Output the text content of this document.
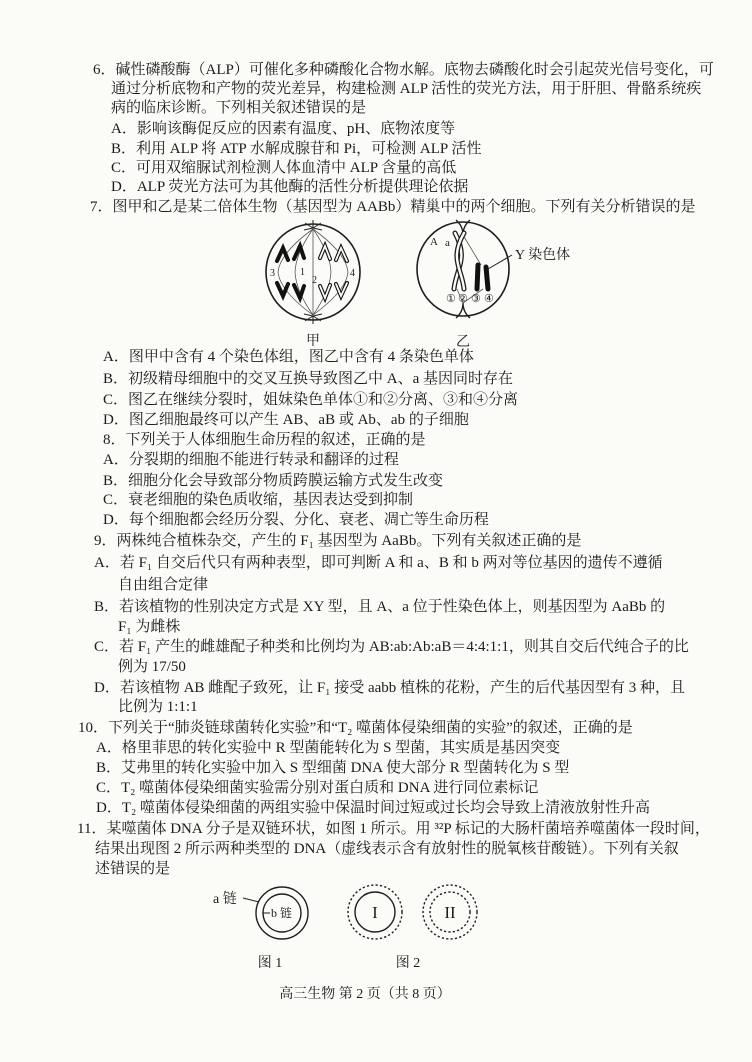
6．碱性磷酸酶（ALP）可催化多种磷酸化合物水解。底物去磷酸化时会引起荧光信号变化，可
通过分析底物和产物的荧光差异，构建检测 ALP 活性的荧光方法，用于肝胆、骨骼系统疾
病的临床诊断。下列相关叙述错误的是
A．影响该酶促反应的因素有温度、pH、底物浓度等
B．利用 ALP 将 ATP 水解成腺苷和 Pi，可检测 ALP 活性
C．可用双缩脲试剂检测人体血清中 ALP 含量的高低
D．ALP 荧光方法可为其他酶的活性分析提供理论依据
7．图甲和乙是某二倍体生物（基因型为 AABb）精巢中的两个细胞。下列有关分析错误的是
3	1
2
4
甲
A a
① ② ③ ④
Y 染色体
乙
A．图甲中含有 4 个染色体组，图乙中含有 4 条染色单体
B．初级精母细胞中的交叉互换导致图乙中 A、a 基因同时存在
C．图乙在继续分裂时，姐妹染色单体①和②分离、③和④分离
D．图乙细胞最终可以产生 AB、aB 或 Ab、ab 的子细胞
8．下列关于人体细胞生命历程的叙述，正确的是
A．分裂期的细胞不能进行转录和翻译的过程
B．细胞分化会导致部分物质跨膜运输方式发生改变
C．衰老细胞的染色质收缩，基因表达受到抑制
D．每个细胞都会经历分裂、分化、衰老、凋亡等生命历程
9．两株纯合植株杂交，产生的 F₁ 基因型为 AaBb。下列有关叙述正确的是
A．若 F₁ 自交后代只有两种表型，即可判断 A 和 a、B 和 b 两对等位基因的遗传不遵循
自由组合定律
B．若该植物的性别决定方式是 XY 型，且 A、a 位于性染色体上，则基因型为 AaBb 的
F₁ 为雌株
C．若 F₁ 产生的雌雄配子种类和比例均为 AB:ab:Ab:aB＝4:4:1:1，则其自交后代纯合子的比
例为 17/50
D．若该植物 AB 雌配子致死，让 F₁ 接受 aabb 植株的花粉，产生的后代基因型有 3 种，且
比例为 1:1:1
10．下列关于“肺炎链球菌转化实验”和“T₂ 噬菌体侵染细菌的实验”的叙述，正确的是
A．格里菲思的转化实验中 R 型菌能转化为 S 型菌，其实质是基因突变
B．艾弗里的转化实验中加入 S 型细菌 DNA 使大部分 R 型菌转化为 S 型
C．T₂ 噬菌体侵染细菌实验需分别对蛋白质和 DNA 进行同位素标记
D．T₂ 噬菌体侵染细菌的两组实验中保温时间过短或过长均会导致上清液放射性升高
11．某噬菌体 DNA 分子是双链环状，如图 1 所示。用 ³²P 标记的大肠杆菌培养噬菌体一段时间，
结果出现图 2 所示两种类型的 DNA（虚线表示含有放射性的脱氧核苷酸链）。下列有关叙
述错误的是
a 链
b 链
图 1
I	II
图 2
高三生物 第 2 页（共 8 页）
